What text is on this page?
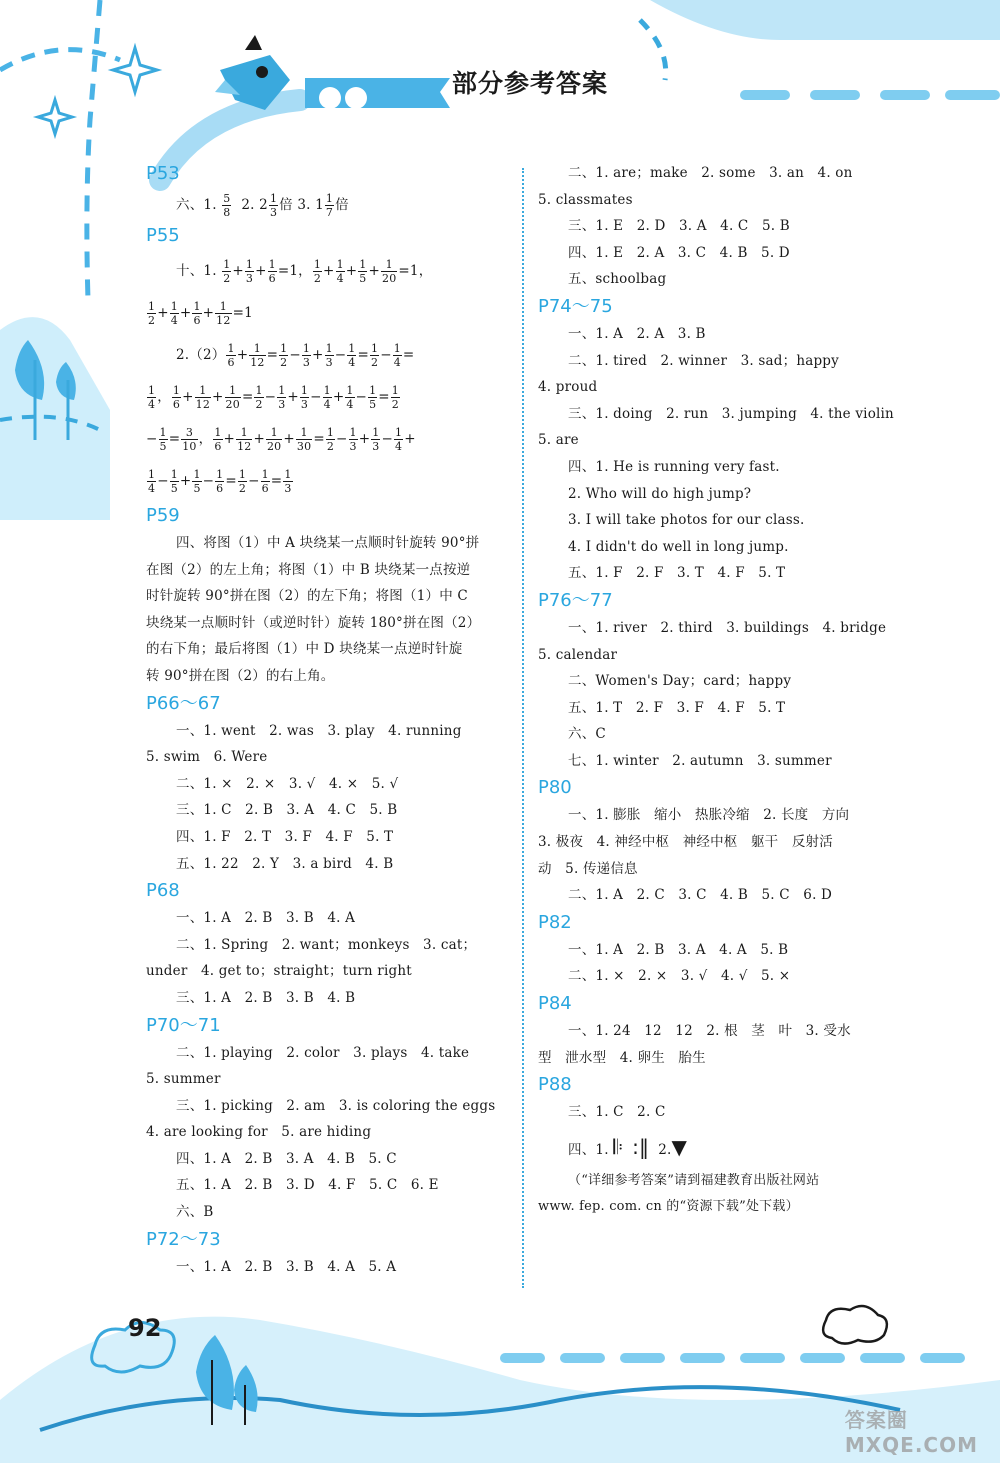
部分参考答案
P53
六、1. $\frac{5}{8} 2$. $2 \frac{1}{3}$ 倍 3. $1 \frac{1}{7}$ 倍
P55
十、1. $\frac{1}{2} + \frac{1}{3} + \frac{1}{6} =1$， $\frac{1}{2} + \frac{1}{4} + \frac{1}{5} + \frac{1}{20} =1$，
$\frac{1}{2} + \frac{1}{4} + \frac{1}{6} + \frac{1}{12} =1$
$2.(2) \frac{1}{6} + \frac{1}{12} = \frac{1}{2} - \frac{1}{3} + \frac{1}{3} - \frac{1}{4} = \frac{1}{2} - \frac{1}{4}$ =
$\frac{1}{4}$ ， $\frac{1}{6} + \frac{1}{12} + \frac{1}{20} = \frac{1}{2} - \frac{1}{3} + \frac{1}{3} - \frac{1}{4} + \frac{1}{4} - \frac{1}{5} = \frac{1}{2}$
− $\frac{1}{5} = \frac{3}{10}$ ， $\frac{1}{6} + \frac{1}{12} + \frac{1}{20} + \frac{1}{30} = \frac{1}{2} - \frac{1}{3} + \frac{1}{3} - \frac{1}{4}$ +
$\frac{1}{4} - \frac{1}{5} + \frac{1}{5} - \frac{1}{6} = \frac{1}{2} - \frac{1}{6} = \frac{1}{3}$
P59
四、将图（1）中 A 块绕某一点顺时针旋转 90°拼
在图（2）的左上角；将图（1）中 B 块绕某一点按逆
时针旋转 90°拼在图（2）的左下角；将图（1）中 C
块绕某一点顺时针（或逆时针）旋转 180°拼在图（2）
的右下角；最后将图（1）中 D 块绕某一点逆时针旋
转 90°拼在图（2）的右上角。
P66～67
一、1. went   2. was   3. play   4. running
5. swim   6. Were
二、1. ×   2. ×   3. √   4. ×   5. √
三、1. C   2. B   3. A   4. C   5. B
四、1. F   2. T   3. F   4. F   5. T
五、1. 22   2. Y   3. a bird   4. B
P68
一、1. A   2. B   3. B   4. A
二、1. Spring   2. want；monkeys   3. cat；
under   4. get to；straight；turn right
三、1. A   2. B   3. B   4. B
P70～71
二、1. playing   2. color   3. plays   4. take
5. summer
三、1. picking   2. am   3. is coloring the eggs
4. are looking for   5. are hiding
四、1. A   2. B   3. A   4. B   5. C
五、1. A   2. B   3. D   4. F   5. C   6. E
六、B
P72～73
一、1. A   2. B   3. B   4. A   5. A
二、1. are；make   2. some   3. an   4. on
5. classmates
三、1. E   2. D   3. A   4. C   5. B
四、1. E   2. A   3. C   4. B   5. D
五、schoolbag
P74～75
一、1. A   2. A   3. B
二、1. tired   2. winner   3. sad；happy
4. proud
三、1. doing   2. run   3. jumping   4. the violin
5. are
四、1. He is running very fast.
2. Who will do high jump?
3. I will take photos for our class.
4. I didn't do well in long jump.
五、1. F   2. F   3. T   4. F   5. T
P76～77
一、1. river   2. third   3. buildings   4. bridge
5. calendar
二、Women's Day；card；happy
五、1. T   2. F   3. F   4. F   5. T
六、C
七、1. winter   2. autumn   3. summer
P80
一、1. 膨胀   缩小   热胀冷缩   2. 长度   方向
3. 极夜   4. 神经中枢   神经中枢   躯干   反射活
动   5. 传递信息
二、1. A   2. C   3. C   4. B   5. C   6. D
P82
一、1. A   2. B   3. A   4. A   5. B
二、1. ×   2. ×   3. √   4. √   5. ×
P84
一、1. 24   12   12   2. 根   茎   叶   3. 受水
型   泄水型   4. 卵生   胎生
P88
三、1. C   2. C
四、1. 𝄆 :‖ 2.▼
（“详细参考答案”请到福建教育出版社网站
www. fep. com. cn 的“资源下载”处下载）
92
答案圈
MXQE.COM
